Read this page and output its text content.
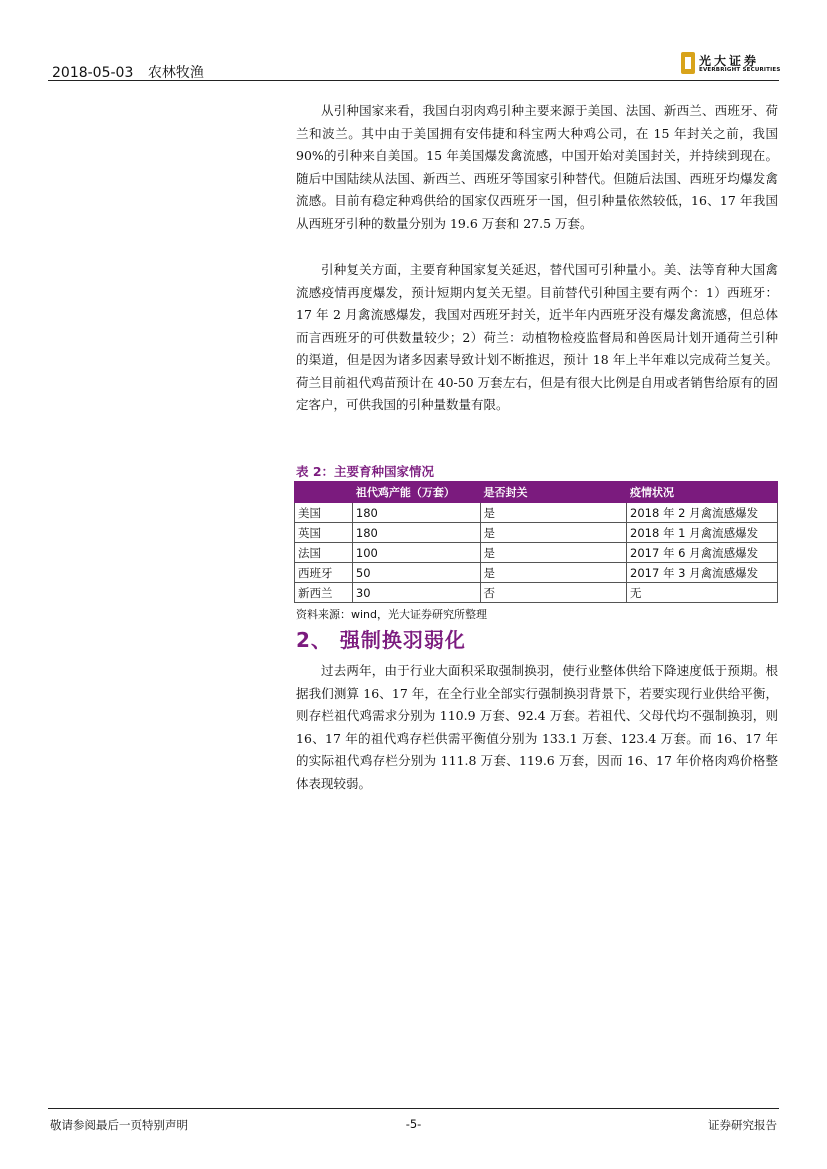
2018-05-03 农林牧渔
光大证券
EVERBRIGHT SECURITIES

从引种国家来看，我国白羽肉鸡引种主要来源于美国、法国、新西兰、西班牙、荷兰和波兰。其中由于美国拥有安伟捷和科宝两大种鸡公司，在 15 年封关之前，我国 90%的引种来自美国。15 年美国爆发禽流感，中国开始对美国封关，并持续到现在。随后中国陆续从法国、新西兰、西班牙等国家引种替代。但随后法国、西班牙均爆发禽流感。目前有稳定种鸡供给的国家仅西班牙一国，但引种量依然较低，16、17 年我国从西班牙引种的数量分别为 19.6 万套和 27.5 万套。

引种复关方面，主要育种国家复关延迟，替代国可引种量小。美、法等育种大国禽流感疫情再度爆发，预计短期内复关无望。目前替代引种国主要有两个：1）西班牙：17 年 2 月禽流感爆发，我国对西班牙封关，近半年内西班牙没有爆发禽流感，但总体而言西班牙的可供数量较少；2）荷兰：动植物检疫监督局和兽医局计划开通荷兰引种的渠道，但是因为诸多因素导致计划不断推迟，预计 18 年上半年难以完成荷兰复关。荷兰目前祖代鸡苗预计在 40-50 万套左右，但是有很大比例是自用或者销售给原有的固定客户，可供我国的引种量数量有限。

表 2：主要育种国家情况
	祖代鸡产能（万套）	是否封关	疫情状况
美国	180	是	2018 年 2 月禽流感爆发
英国	180	是	2018 年 1 月禽流感爆发
法国	100	是	2017 年 6 月禽流感爆发
西班牙	50	是	2017 年 3 月禽流感爆发
新西兰	30	否	无
资料来源：wind，光大证券研究所整理
2、 强制换羽弱化

过去两年，由于行业大面积采取强制换羽，使行业整体供给下降速度低于预期。根据我们测算 16、17 年，在全行业全部实行强制换羽背景下，若要实现行业供给平衡，则存栏祖代鸡需求分别为 110.9 万套、92.4 万套。若祖代、父母代均不强制换羽，则 16、17 年的祖代鸡存栏供需平衡值分别为 133.1 万套、123.4 万套。而 16、17 年的实际祖代鸡存栏分别为 111.8 万套、119.6 万套，因而 16、17 年价格肉鸡价格整体表现较弱。

敬请参阅最后一页特别声明	-5-	证券研究报告
